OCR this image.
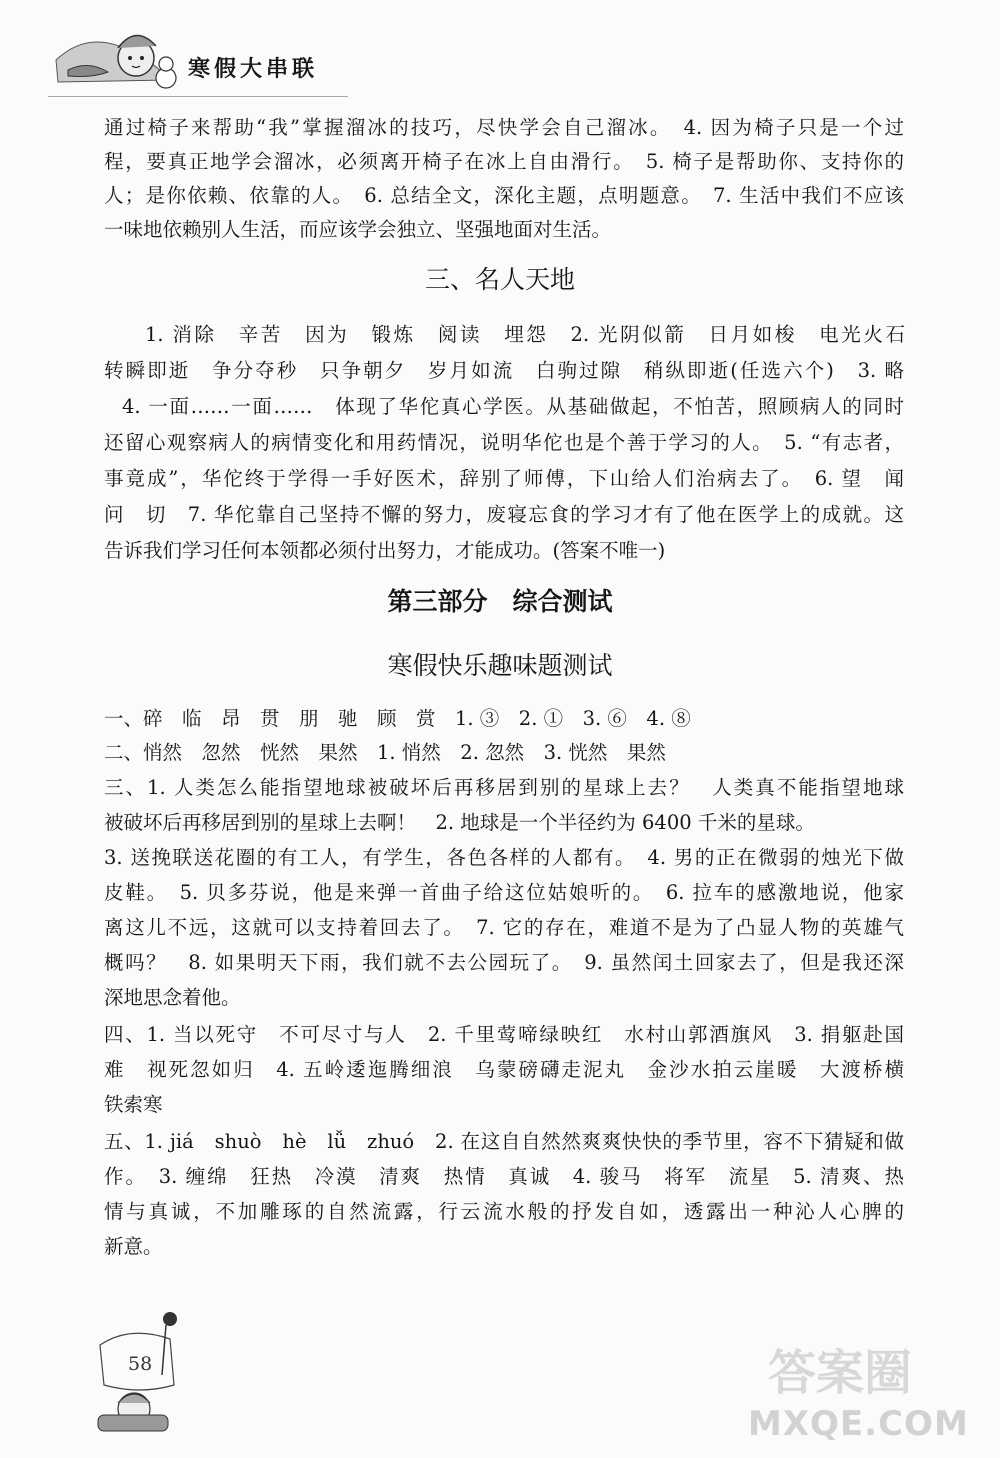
寒假大串联
通过椅子来帮助“我”掌握溜冰的技巧，尽快学会自己溜冰。　4. 因为椅子只是一个过
程，要真正地学会溜冰，必须离开椅子在冰上自由滑行。　5. 椅子是帮助你、支持你的
人；是你依赖、依靠的人。　6. 总结全文，深化主题，点明题意。　7. 生活中我们不应该
一味地依赖别人生活，而应该学会独立、坚强地面对生活。
三、名人天地
1. 消除　辛苦　因为　锻炼　阅读　埋怨　2. 光阴似箭　日月如梭　电光火石
转瞬即逝　争分夺秒　只争朝夕　岁月如流　白驹过隙　稍纵即逝(任选六个)　3. 略
4. 一面……一面……　体现了华佗真心学医。从基础做起，不怕苦，照顾病人的同时
还留心观察病人的病情变化和用药情况，说明华佗也是个善于学习的人。　5. “有志者，
事竟成”，华佗终于学得一手好医术，辞别了师傅，下山给人们治病去了。　6. 望　闻
问　切　7. 华佗靠自己坚持不懈的努力，废寝忘食的学习才有了他在医学上的成就。这
告诉我们学习任何本领都必须付出努力，才能成功。(答案不唯一)
第三部分　综合测试
寒假快乐趣味题测试
一、碎　临　昂　贯　朋　驰　顾　赏　1. ③　2. ①　3. ⑥　4. ⑧
二、悄然　忽然　恍然　果然　1. 悄然　2. 忽然　3. 恍然　果然
三、1. 人类怎么能指望地球被破坏后再移居到别的星球上去？　人类真不能指望地球
被破坏后再移居到别的星球上去啊！　2. 地球是一个半径约为 6400 千米的星球。
3. 送挽联送花圈的有工人，有学生，各色各样的人都有。　4. 男的正在微弱的烛光下做
皮鞋。　5. 贝多芬说，他是来弹一首曲子给这位姑娘听的。　6. 拉车的感激地说，他家
离这儿不远，这就可以支持着回去了。　7. 它的存在，难道不是为了凸显人物的英雄气
概吗？　8. 如果明天下雨，我们就不去公园玩了。　9. 虽然闰土回家去了，但是我还深
深地思念着他。
四、1. 当以死守　不可尽寸与人　2. 千里莺啼绿映红　水村山郭酒旗风　3. 捐躯赴国
难　视死忽如归　4. 五岭逶迤腾细浪　乌蒙磅礴走泥丸　金沙水拍云崖暖　大渡桥横
铁索寒
五、1. jiá　shuò　hè　lǚ　zhuó　2. 在这自自然然爽爽快快的季节里，容不下猜疑和做
作。　3. 缠绵　狂热　冷漠　清爽　热情　真诚　4. 骏马　将军　流星　5. 清爽、热
情与真诚，不加雕琢的自然流露，行云流水般的抒发自如，透露出一种沁人心脾的
新意。
58	答案圈
MXQE.COM
